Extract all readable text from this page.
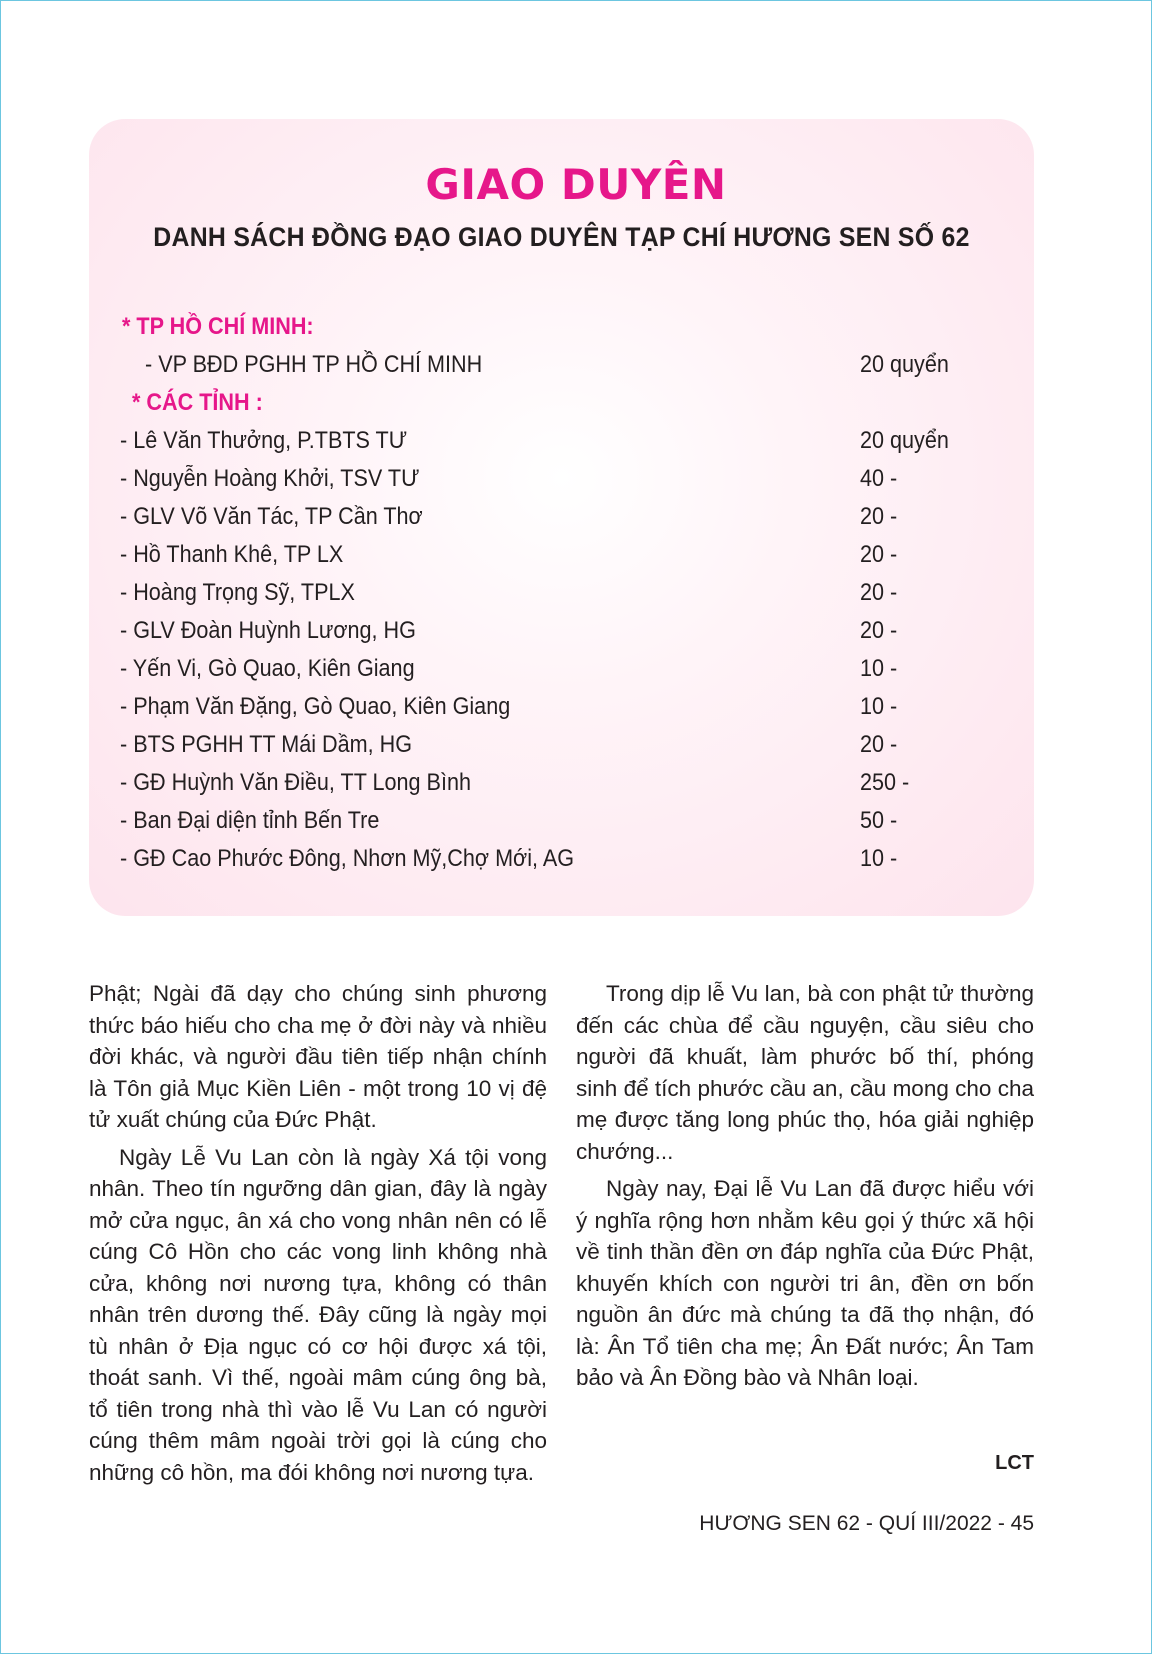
GIAO DUYÊN
DANH SÁCH ĐỒNG ĐẠO GIAO DUYÊN TẠP CHÍ HƯƠNG SEN SỐ 62
* TP HỒ CHÍ MINH:
- VP BĐD PGHH TP HỒ CHÍ MINH	20 quyển
* CÁC TỈNH :
- Lê Văn Thưởng, P.TBTS TƯ	20 quyển
- Nguyễn Hoàng Khởi, TSV TƯ	40 -
- GLV Võ Văn Tác, TP Cần Thơ	20 -
- Hồ Thanh Khê, TP LX	20 -
- Hoàng Trọng Sỹ, TPLX	20 -
- GLV Đoàn Huỳnh Lương, HG	20 -
- Yến Vi, Gò Quao, Kiên Giang	10 -
- Phạm Văn Đặng, Gò Quao, Kiên Giang	10 -
- BTS PGHH TT Mái Dầm, HG	20 -
- GĐ Huỳnh Văn Điều, TT Long Bình	250 -
- Ban Đại diện tỉnh Bến Tre	50 -
- GĐ Cao Phước Đông, Nhơn Mỹ,Chợ Mới, AG	10 -

Phật; Ngài đã dạy cho chúng sinh phương thức báo hiếu cho cha mẹ ở đời này và nhiều đời khác, và người đầu tiên tiếp nhận chính là Tôn giả Mục Kiền Liên - một trong 10 vị đệ tử xuất chúng của Đức Phật.

Ngày Lễ Vu Lan còn là ngày Xá tội vong nhân. Theo tín ngưỡng dân gian, đây là ngày mở cửa ngục, ân xá cho vong nhân nên có lễ cúng Cô Hồn cho các vong linh không nhà cửa, không nơi nương tựa, không có thân nhân trên dương thế. Đây cũng là ngày mọi tù nhân ở Địa ngục có cơ hội được xá tội, thoát sanh. Vì thế, ngoài mâm cúng ông bà, tổ tiên trong nhà thì vào lễ Vu Lan có người cúng thêm mâm ngoài trời gọi là cúng cho những cô hồn, ma đói không nơi nương tựa.

Trong dịp lễ Vu lan, bà con phật tử thường đến các chùa để cầu nguyện, cầu siêu cho người đã khuất, làm phước bố thí, phóng sinh để tích phước cầu an, cầu mong cho cha mẹ được tăng long phúc thọ, hóa giải nghiệp chướng...

Ngày nay, Đại lễ Vu Lan đã được hiểu với ý nghĩa rộng hơn nhằm kêu gọi ý thức xã hội về tinh thần đền ơn đáp nghĩa của Đức Phật, khuyến khích con người tri ân, đền ơn bốn nguồn ân đức mà chúng ta đã thọ nhận, đó là: Ân Tổ tiên cha mẹ; Ân Đất nước; Ân Tam bảo và Ân Đồng bào và Nhân loại.

LCT
HƯƠNG SEN 62 - QUÍ III/2022 - 45
